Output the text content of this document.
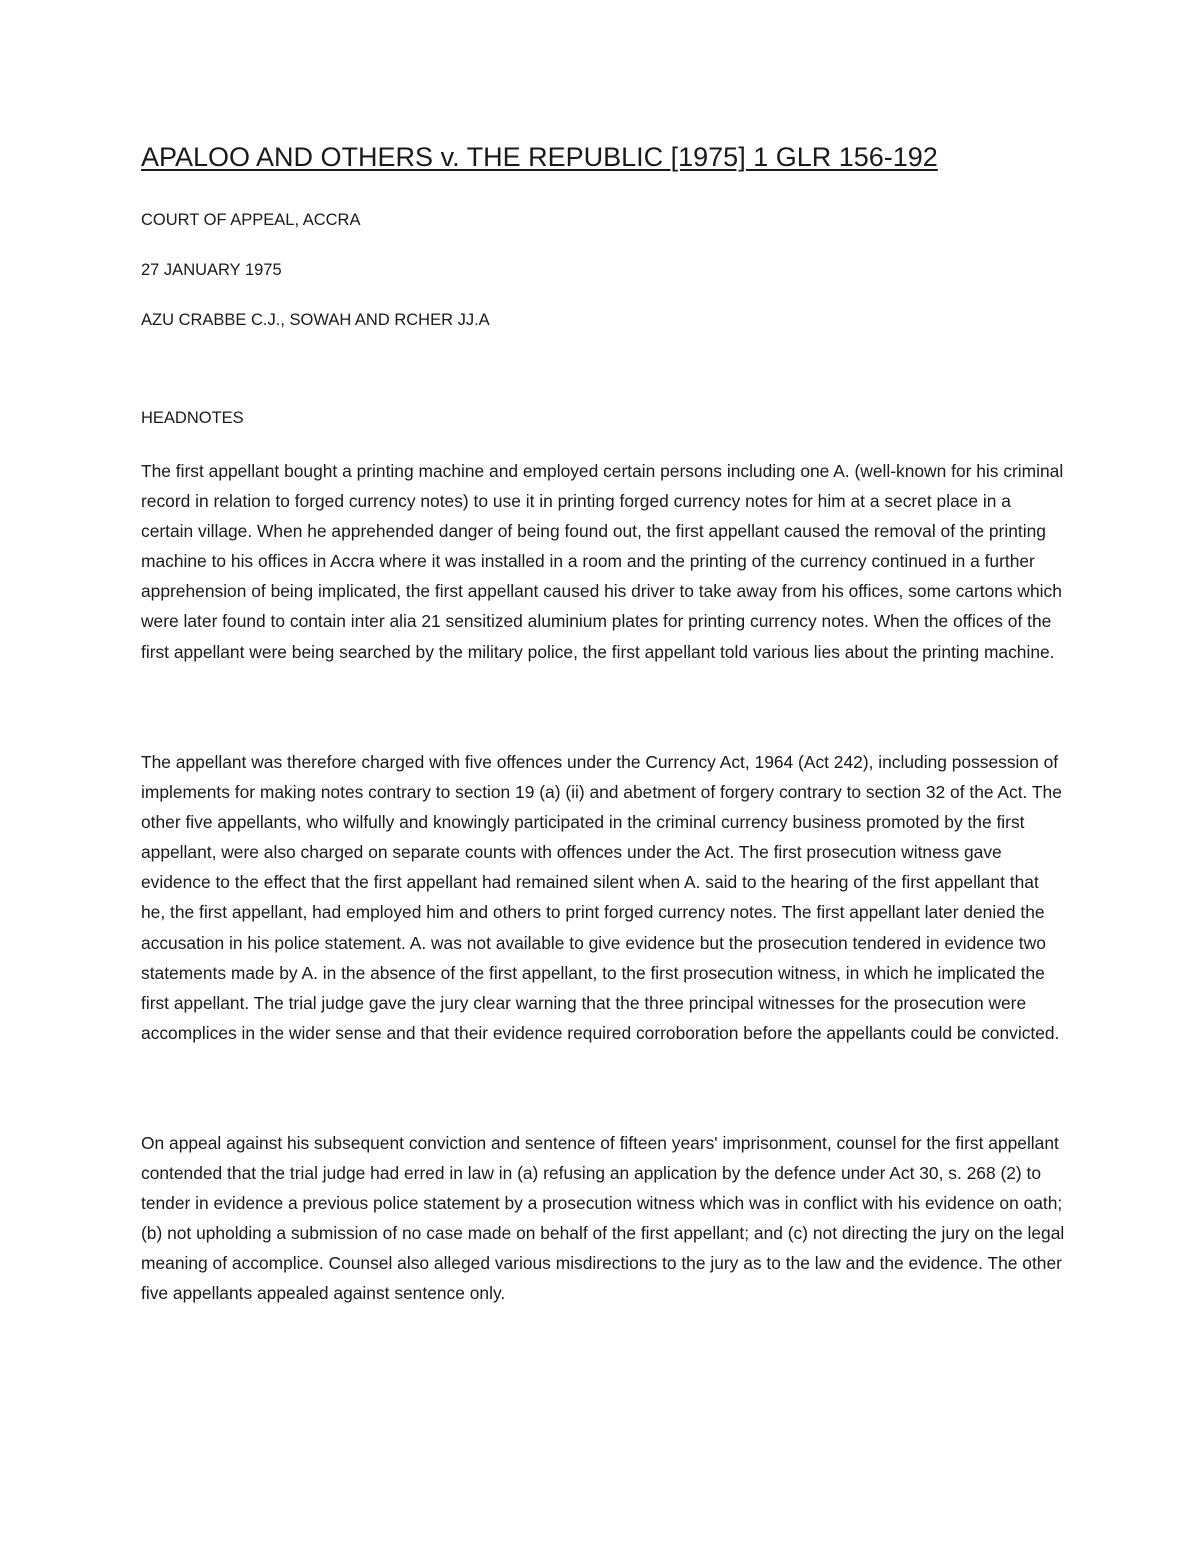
APALOO AND OTHERS v. THE REPUBLIC [1975] 1 GLR 156-192

COURT OF APPEAL, ACCRA

27 JANUARY 1975

AZU CRABBE C.J., SOWAH AND RCHER JJ.A

HEADNOTES

The first appellant bought a printing machine and employed certain persons including one A. (well-known for his criminal record in relation to forged currency notes) to use it in printing forged currency notes for him at a secret place in a certain village. When he apprehended danger of being found out, the first appellant caused the removal of the printing machine to his offices in Accra where it was installed in a room and the printing of the currency continued in a further apprehension of being implicated, the first appellant caused his driver to take away from his offices, some cartons which were later found to contain inter alia 21 sensitized aluminium plates for printing currency notes. When the offices of the first appellant were being searched by the military police, the first appellant told various lies about the printing machine.

The appellant was therefore charged with five offences under the Currency Act, 1964 (Act 242), including possession of implements for making notes contrary to section 19 (a) (ii) and abetment of forgery contrary to section 32 of the Act. The other five appellants, who wilfully and knowingly participated in the criminal currency business promoted by the first appellant, were also charged on separate counts with offences under the Act. The first prosecution witness gave evidence to the effect that the first appellant had remained silent when A. said to the hearing of the first appellant that he, the first appellant, had employed him and others to print forged currency notes. The first appellant later denied the accusation in his police statement. A. was not available to give evidence but the prosecution tendered in evidence two statements made by A. in the absence of the first appellant, to the first prosecution witness, in which he implicated the first appellant. The trial judge gave the jury clear warning that the three principal witnesses for the prosecution were accomplices in the wider sense and that their evidence required corroboration before the appellants could be convicted.

On appeal against his subsequent conviction and sentence of fifteen years' imprisonment, counsel for the first appellant contended that the trial judge had erred in law in (a) refusing an application by the defence under Act 30, s. 268 (2) to tender in evidence a previous police statement by a prosecution witness which was in conflict with his evidence on oath; (b) not upholding a submission of no case made on behalf of the first appellant; and (c) not directing the jury on the legal meaning of accomplice. Counsel also alleged various misdirections to the jury as to the law and the evidence. The other five appellants appealed against sentence only.
